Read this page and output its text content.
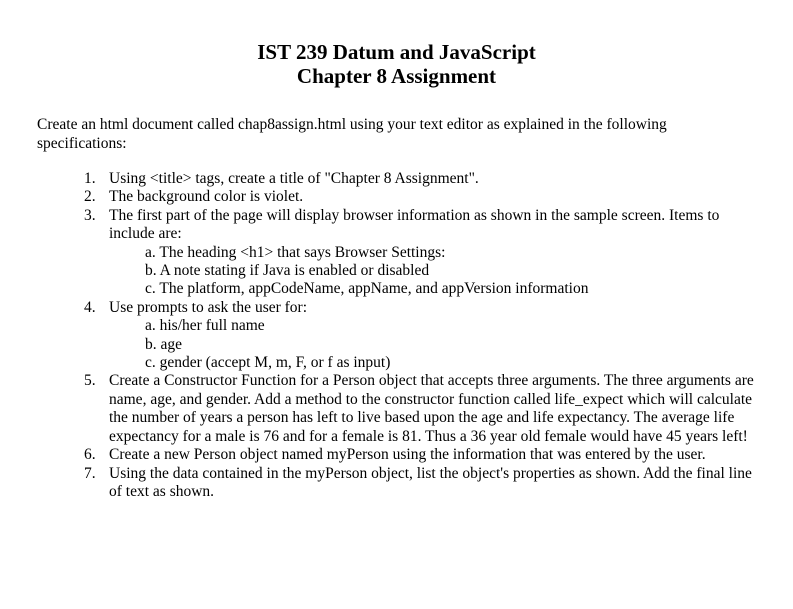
IST 239 Datum and JavaScript
Chapter 8 Assignment
Create an html document called chap8assign.html using your text editor as explained in the following specifications:
1. Using <title> tags, create a title of "Chapter 8 Assignment".
2. The background color is violet.
3. The first part of the page will display browser information as shown in the sample screen. Items to include are:
a. The heading <h1> that says Browser Settings:
b. A note stating if Java is enabled or disabled
c. The platform, appCodeName, appName, and appVersion information
4. Use prompts to ask the user for:
a. his/her full name
b. age
c. gender (accept M, m, F, or f as input)
5. Create a Constructor Function for a Person object that accepts three arguments. The three arguments are name, age, and gender. Add a method to the constructor function called life_expect which will calculate the number of years a person has left to live based upon the age and life expectancy. The average life expectancy for a male is 76 and for a female is 81. Thus a 36 year old female would have 45 years left!
6. Create a new Person object named myPerson using the information that was entered by the user.
7. Using the data contained in the myPerson object, list the object's properties as shown. Add the final line of text as shown.
